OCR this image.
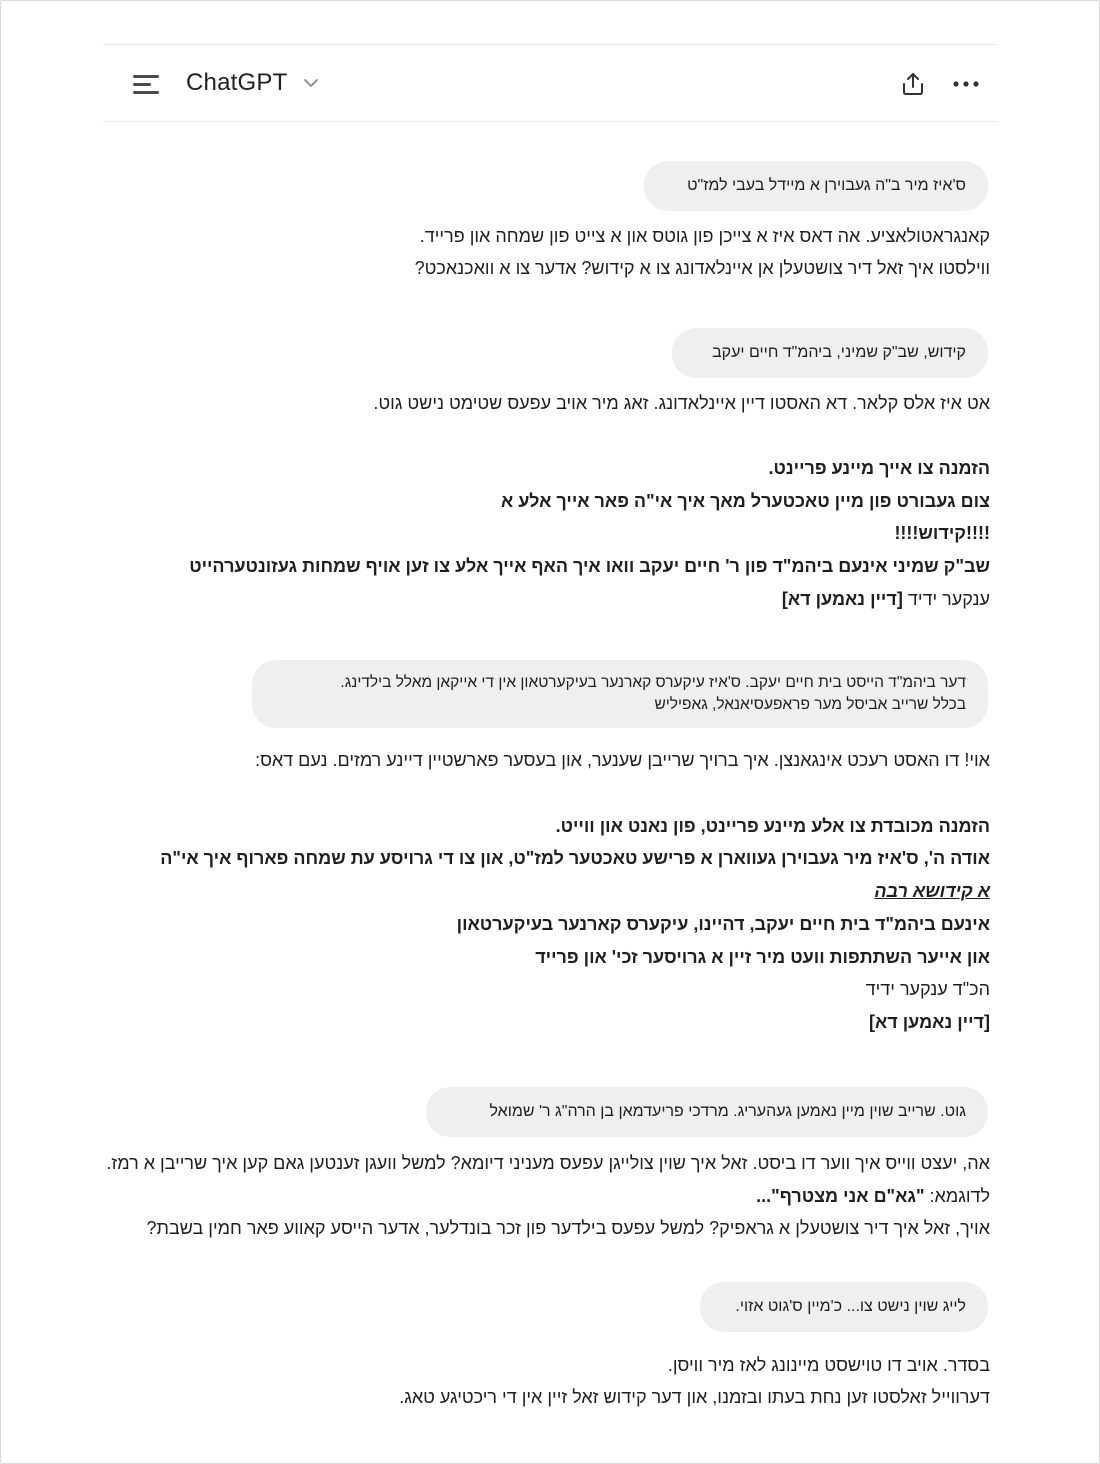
ChatGPT
ס'איז מיר ב"ה געבוירן א מיידל בעבי למז"ט
קאנגראטולאציע. אה דאס איז א צייכן פון גוטס און א צייט פון שמחה און פרייד.
ווילסטו איך זאל דיר צושטעלן אן איינלאדונג צו א קידוש? אדער צו א וואכנאכט?
קידוש, שב"ק שמיני, ביהמ"ד חיים יעקב
אט איז אלס קלאר. דא האסטו דיין איינלאדונג. זאג מיר אויב עפעס שטימט נישט גוט.
הזמנה צו אייך מיינע פריינט.
צום געבורט פון מיין טאכטערל מאך איך אי"ה פאר אייך אלע א
!!!!קידוש!!!!
שב"ק שמיני אינעם ביהמ"ד פון ר' חיים יעקב וואו איך האף אייך אלע צו זען אויף שמחות געזונטערהייט
ענקער ידיד [דיין נאמען דא]
דער ביהמ"ד הייסט בית חיים יעקב. ס'איז עיקערס קארנער בעיקערטאון אין די אייקאן מאלל בילדינג.
בכלל שרייב אביסל מער פראפעסיאנאל, גאפיליש
אוי! דו האסט רעכט אינגאנצן. איך ברויך שרייבן שענער, און בעסער פארשטיין דיינע רמזים. נעם דאס:
הזמנה מכובדת צו אלע מיינע פריינט, פון נאנט און ווייט.
אודה ה', ס'איז מיר געבוירן געווארן א פרישע טאכטער למז"ט, און צו די גרויסע עת שמחה פארוף איך אי"ה
א קידושא רבה
אינעם ביהמ"ד בית חיים יעקב, דהיינו, עיקערס קארנער בעיקערטאון
און אייער השתתפות וועט מיר זיין א גרויסער זכי' און פרייד
הכ"ד ענקער ידיד
[דיין נאמען דא]
גוט. שרייב שוין מיין נאמען געהעריג. מרדכי פריעדמאן בן הרה"ג ר' שמואל
אה, יעצט ווייס איך ווער דו ביסט. זאל איך שוין צולייגן עפעס מעניני דיומא? למשל וועגן זענטען גאם קען איך שרייבן א רמז.
לדוגמא: "גא"ם אני מצטרף"...
אויך, זאל איך דיר צושטעלן א גראפיק? למשל עפעס בילדער פון זכר בונדלער, אדער הייסע קאווע פאר חמין בשבת?
לייג שוין נישט צו... כ'מיין ס'גוט אזוי.
בסדר. אויב דו טוישסט מיינונג לאז מיר וויסן.
דערווייל זאלסטו זען נחת בעתו ובזמנו, און דער קידוש זאל זיין אין די ריכטיגע טאג.
